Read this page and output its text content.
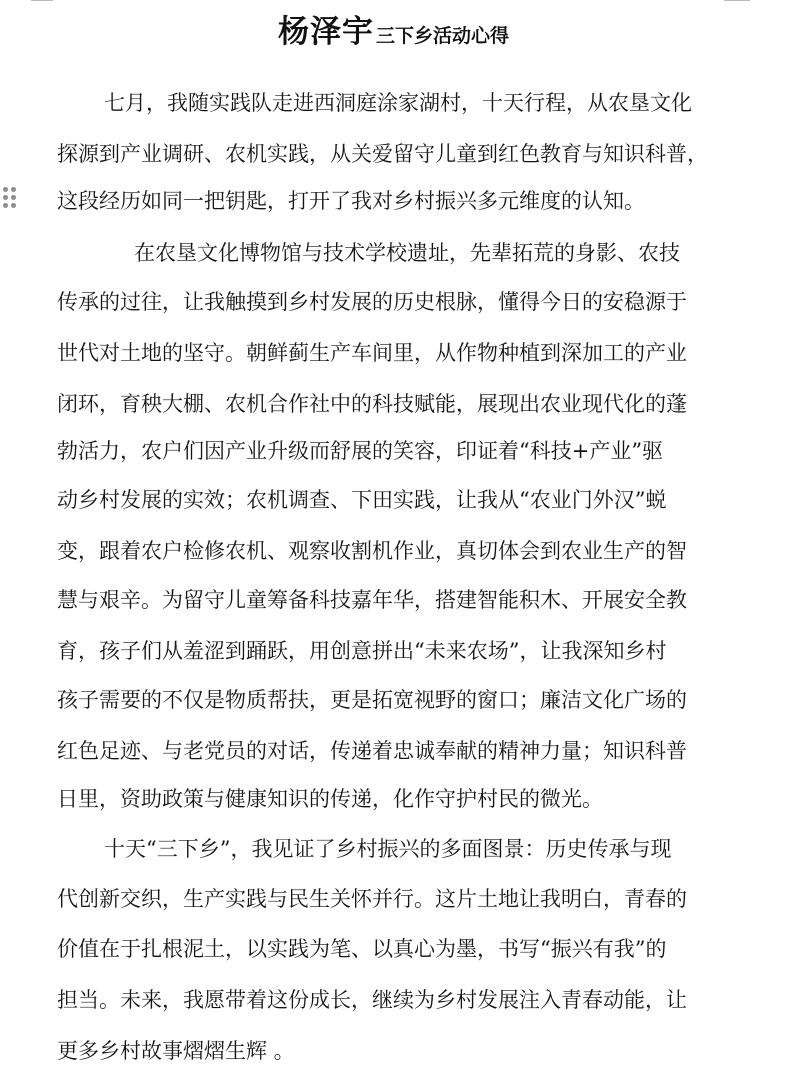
杨泽宇 三下乡活动心得
七月，我随实践队走进西洞庭涂家湖村，十天行程，从农垦文化
探源到产业调研、农机实践，从关爱留守儿童到红色教育与知识科普，
这段经历如同一把钥匙，打开了我对乡村振兴多元维度的认知。
在农垦文化博物馆与技术学校遗址，先辈拓荒的身影、农技
传承的过往，让我触摸到乡村发展的历史根脉，懂得今日的安稳源于
世代对土地的坚守。朝鲜蓟生产车间里，从作物种植到深加工的产业
闭环，育秧大棚、农机合作社中的科技赋能，展现出农业现代化的蓬
勃活力，农户们因产业升级而舒展的笑容，印证着“科技+产业”驱
动乡村发展的实效；农机调查、下田实践，让我从“农业门外汉”蜕
变，跟着农户检修农机、观察收割机作业，真切体会到农业生产的智
慧与艰辛。为留守儿童筹备科技嘉年华，搭建智能积木、开展安全教
育，孩子们从羞涩到踊跃，用创意拼出“未来农场”，让我深知乡村
孩子需要的不仅是物质帮扶，更是拓宽视野的窗口；廉洁文化广场的
红色足迹、与老党员的对话，传递着忠诚奉献的精神力量；知识科普
日里，资助政策与健康知识的传递，化作守护村民的微光。
十天“三下乡”，我见证了乡村振兴的多面图景：历史传承与现
代创新交织，生产实践与民生关怀并行。这片土地让我明白，青春的
价值在于扎根泥土，以实践为笔、以真心为墨，书写“振兴有我”的
担当。未来，我愿带着这份成长，继续为乡村发展注入青春动能，让
更多乡村故事熠熠生辉 。
